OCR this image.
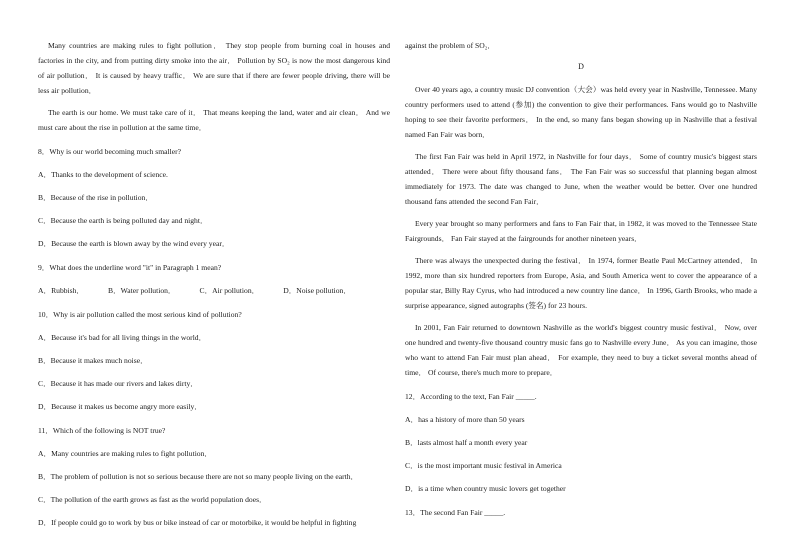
Many countries are making rules to fight pollution． They stop people from burning coal in houses and factories in the city, and from putting dirty smoke into the air． Pollution by SO₂ is now the most dangerous kind of air pollution． It is caused by heavy traffic． We are sure that if there are fewer people driving, there will be less air pollution．

The earth is our home. We must take care of it． That means keeping the land, water and air clean． And we must care about the rise in pollution at the same time．

8．Why is our world becoming much smaller?

A．Thanks to the development of science.

B．Because of the rise in pollution．

C．Because the earth is being polluted day and night．

D．Because the earth is blown away by the wind every year．

9．What does the underline word "it" in Paragraph 1 mean?

A．Rubbish．	B．Water pollution．	C．Air pollution．	D．Noise pollution．

10．Why is air pollution called the most serious kind of pollution?

A．Because it's bad for all living things in the world．

B．Because it makes much noise．

C．Because it has made our rivers and lakes dirty．

D．Because it makes us become angry more easily．

11．Which of the following is NOT true?

A．Many countries are making rules to fight pollution．

B．The problem of pollution is not so serious because there are not so many people living on the earth．

C．The pollution of the earth grows as fast as the world population does．

D．If people could go to work by bus or bike instead of car or motorbike, it would be helpful in fighting

against the problem of SO₂．

D

Over 40 years ago, a country music DJ convention（大会）was held every year in Nashville, Tennessee. Many country performers used to attend (参加) the convention to give their performances. Fans would go to Nashville hoping to see their favorite performers． In the end, so many fans began showing up in Nashville that a festival named Fan Fair was born．

The first Fan Fair was held in April 1972, in Nashville for four days． Some of country music's biggest stars attended． There were about fifty thousand fans． The Fan Fair was so successful that planning began almost immediately for 1973. The date was changed to June, when the weather would be better. Over one hundred thousand fans attended the second Fan Fair．

Every year brought so many performers and fans to Fan Fair that, in 1982, it was moved to the Tennessee State Fairgrounds． Fan Fair stayed at the fairgrounds for another nineteen years．

There was always the unexpected during the festival． In 1974, former Beatle Paul McCartney attended． In 1992, more than six hundred reporters from Europe, Asia, and South America went to cover the appearance of a popular star, Billy Ray Cyrus, who had introduced a new country line dance． In 1996, Garth Brooks, who made a surprise appearance, signed autographs (签名) for 23 hours.

In 2001, Fan Fair returned to downtown Nashville as the world's biggest country music festival． Now, over one hundred and twenty-five thousand country music fans go to Nashville every June． As you can imagine, those who want to attend Fan Fair must plan ahead． For example, they need to buy a ticket several months ahead of time． Of course, there's much more to prepare．

12．According to the text, Fan Fair _____.

A．has a history of more than 50 years

B．lasts almost half a month every year

C．is the most important music festival in America

D．is a time when country music lovers get together

13．The second Fan Fair _____.
